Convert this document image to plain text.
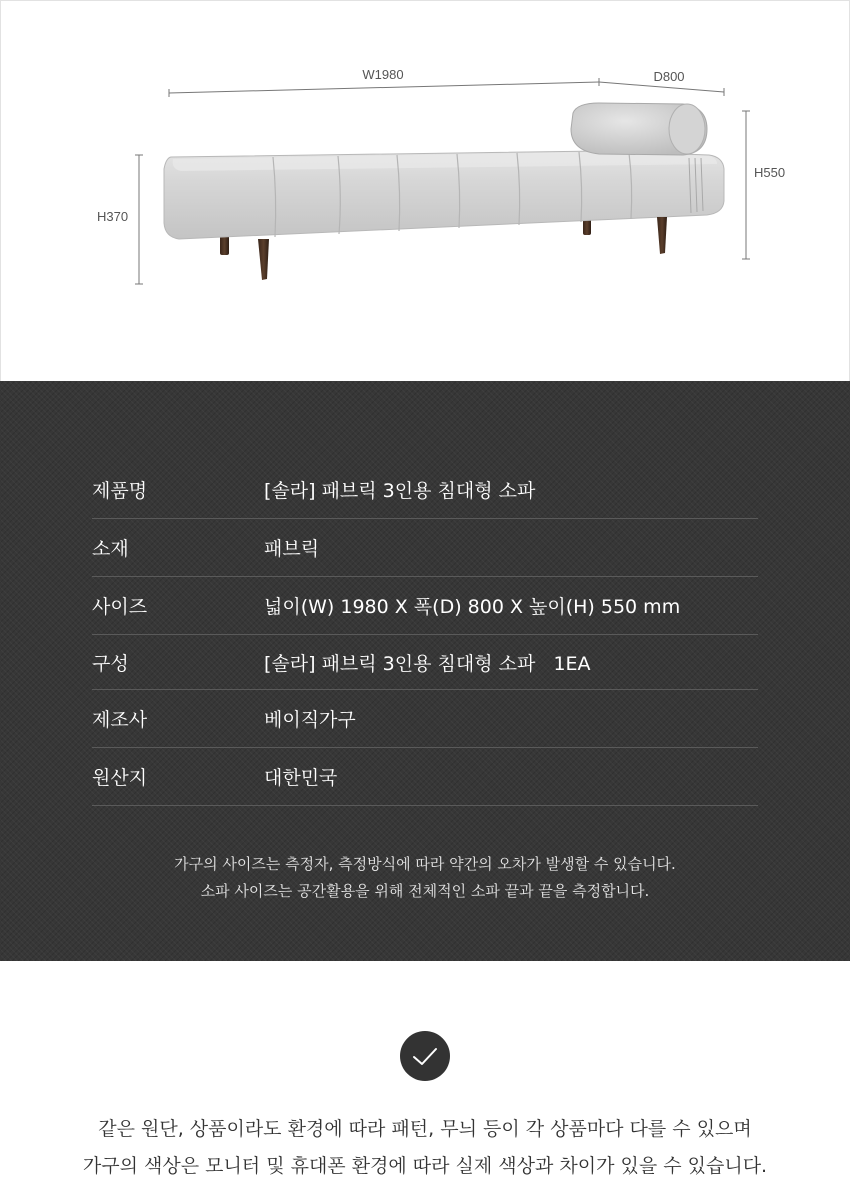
W1980	D800
H550
H370
제품명	[솔라] 패브릭 3인용 침대형 소파
소재	패브릭
사이즈	넓이(W) 1980 X 폭(D) 800 X 높이(H) 550 mm
구성	[솔라] 패브릭 3인용 침대형 소파   1EA
제조사	베이직가구
원산지	대한민국

가구의 사이즈는 측정자, 측정방식에 따라 약간의 오차가 발생할 수 있습니다.

소파 사이즈는 공간활용을 위해 전체적인 소파 끝과 끝을 측정합니다.

같은 원단, 상품이라도 환경에 따라 패턴, 무늬 등이 각 상품마다 다를 수 있으며

가구의 색상은 모니터 및 휴대폰 환경에 따라 실제 색상과 차이가 있을 수 있습니다.
